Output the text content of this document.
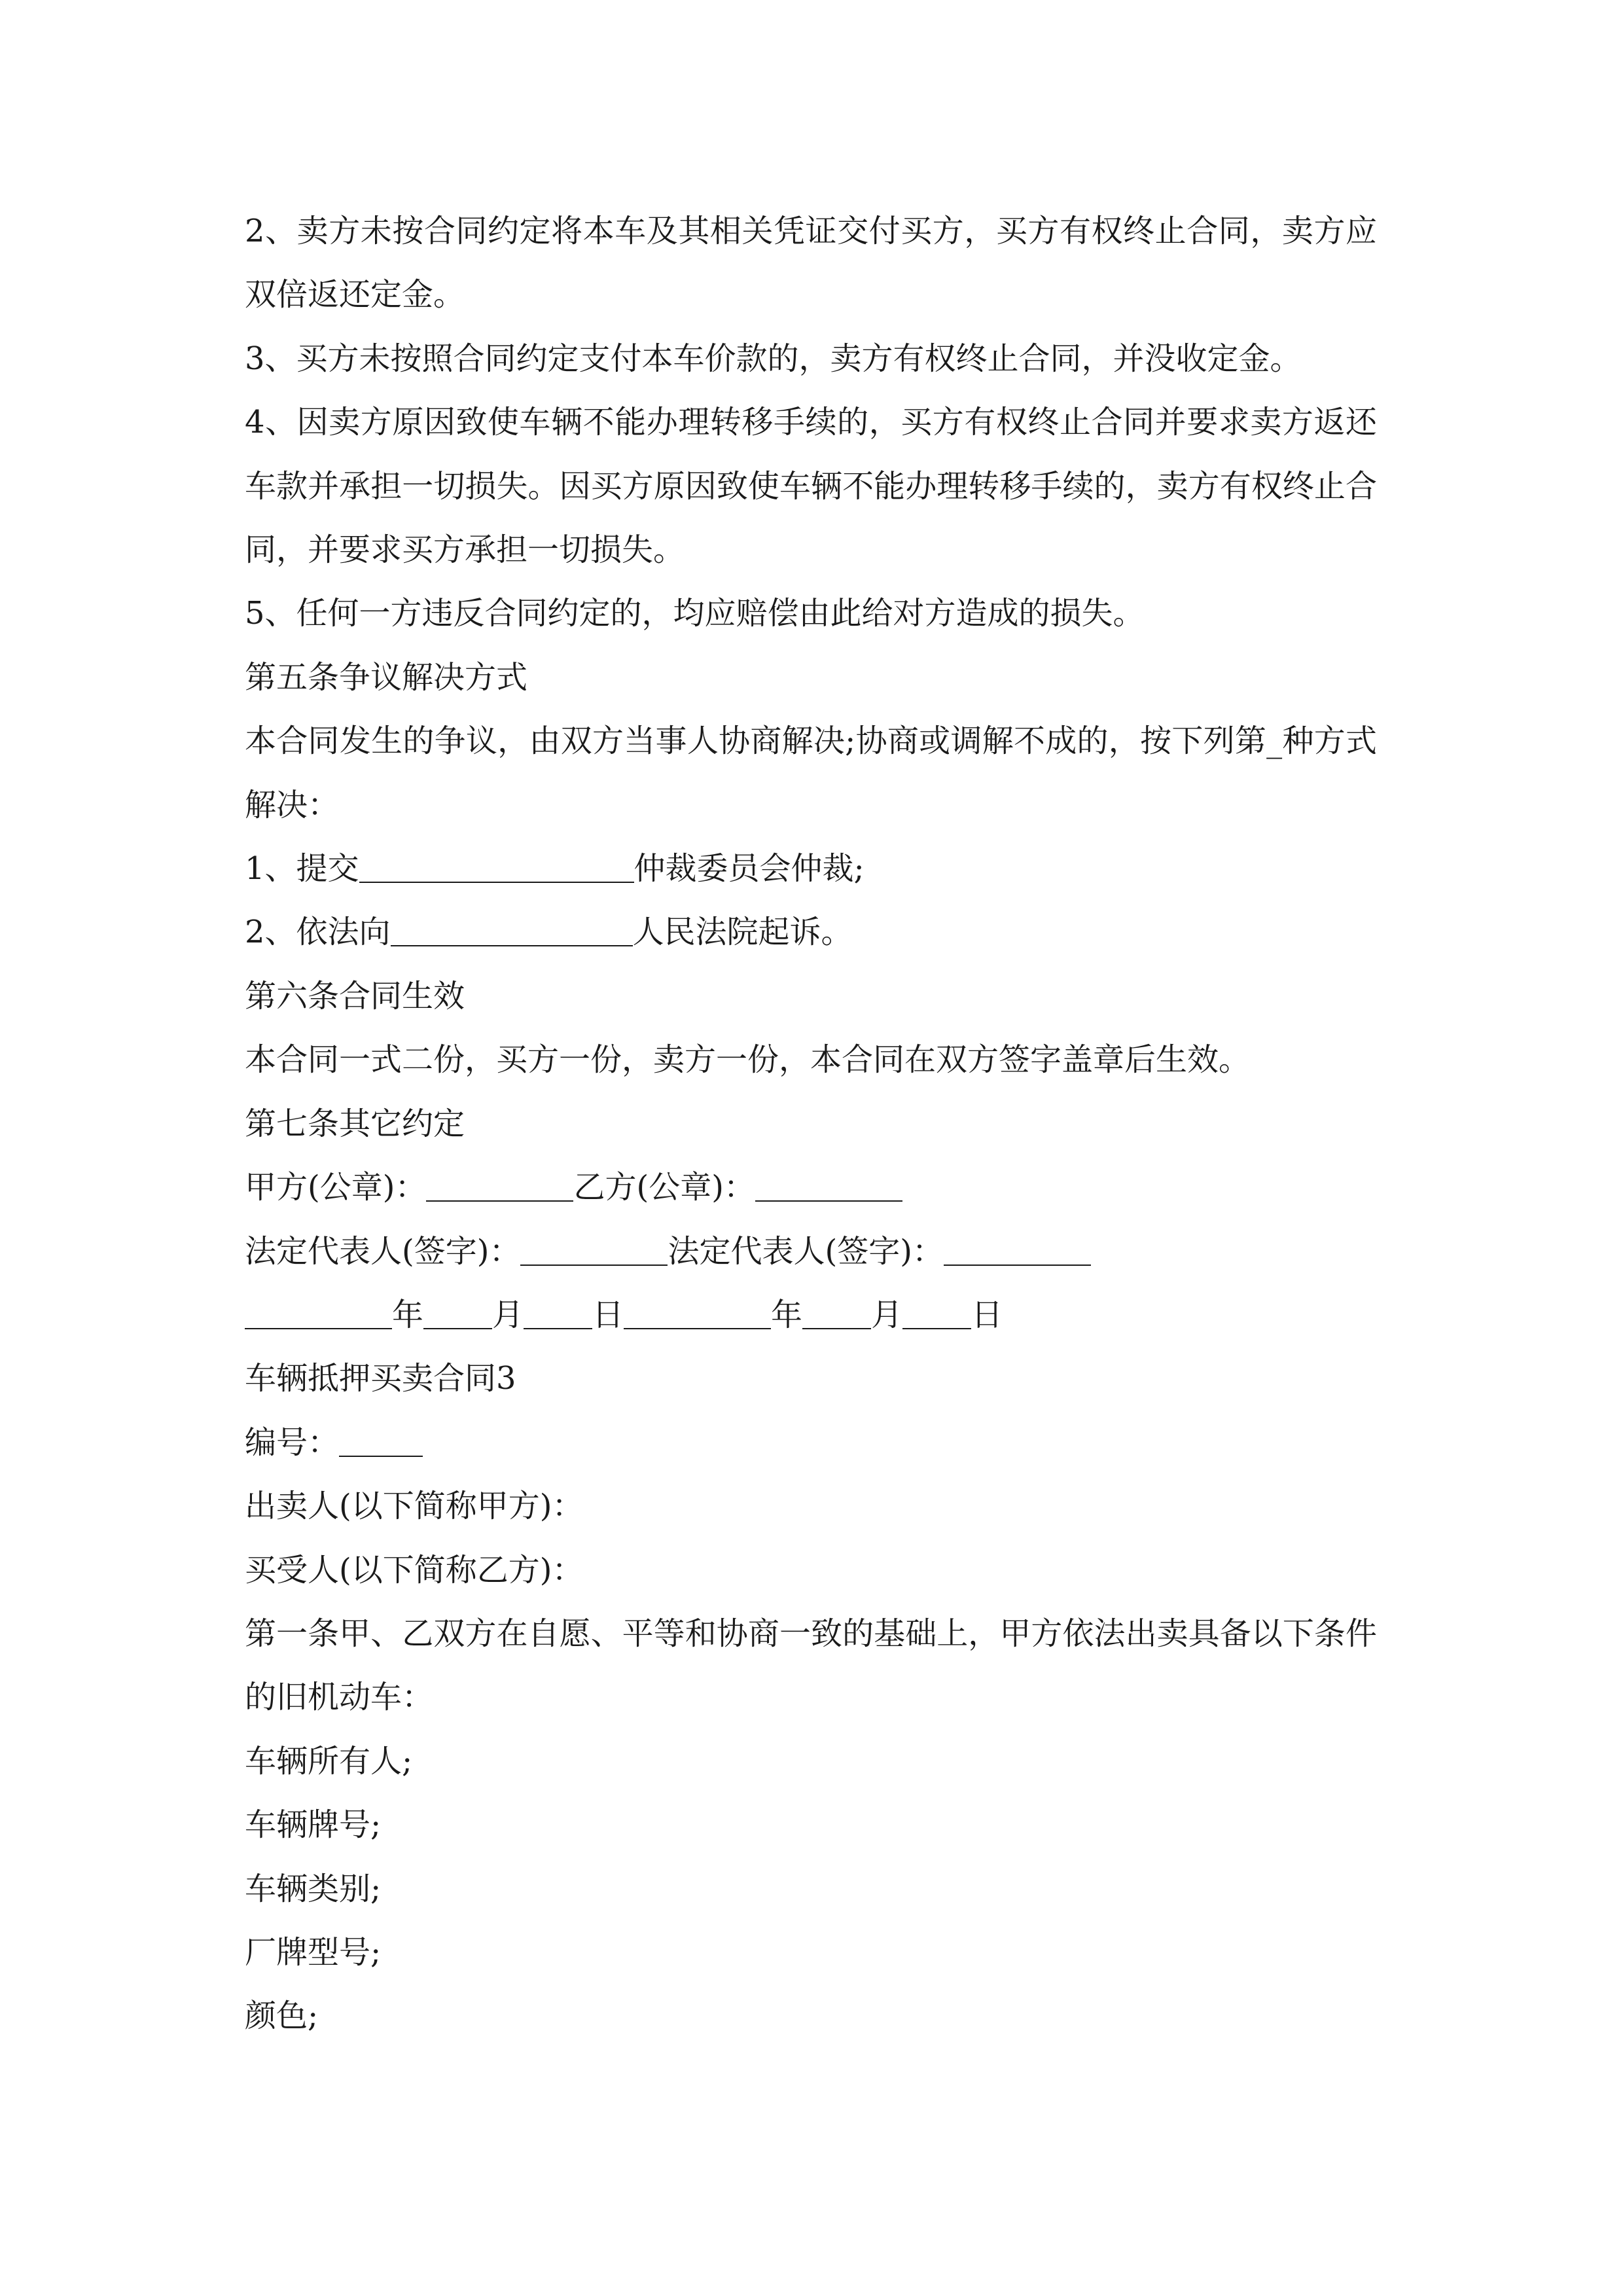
2、卖方未按合同约定将本车及其相关凭证交付买方，买方有权终止合同，卖方应双倍返还定金。

3、买方未按照合同约定支付本车价款的，卖方有权终止合同，并没收定金。

4、因卖方原因致使车辆不能办理转移手续的，买方有权终止合同并要求卖方返还车款并承担一切损失。因买方原因致使车辆不能办理转移手续的，卖方有权终止合同，并要求买方承担一切损失。

5、任何一方违反合同约定的，均应赔偿由此给对方造成的损失。

第五条争议解决方式

本合同发生的争议，由双方当事人协商解决;协商或调解不成的，按下列第_种方式解决：

1、提交	仲裁委员会仲裁;

2、依法向	人民法院起诉。

第六条合同生效

本合同一式二份，买方一份，卖方一份，本合同在双方签字盖章后生效。

第七条其它约定

甲方(公章)：	乙方(公章)：

法定代表人(签字)：	法定代表人(签字)：

年 月 日	年 月 日

车辆抵押买卖合同3

编号：

出卖人(以下简称甲方)：

买受人(以下简称乙方)：

第一条甲、乙双方在自愿、平等和协商一致的基础上，甲方依法出卖具备以下条件的旧机动车：

车辆所有人;

车辆牌号;

车辆类别;

厂牌型号;

颜色;
